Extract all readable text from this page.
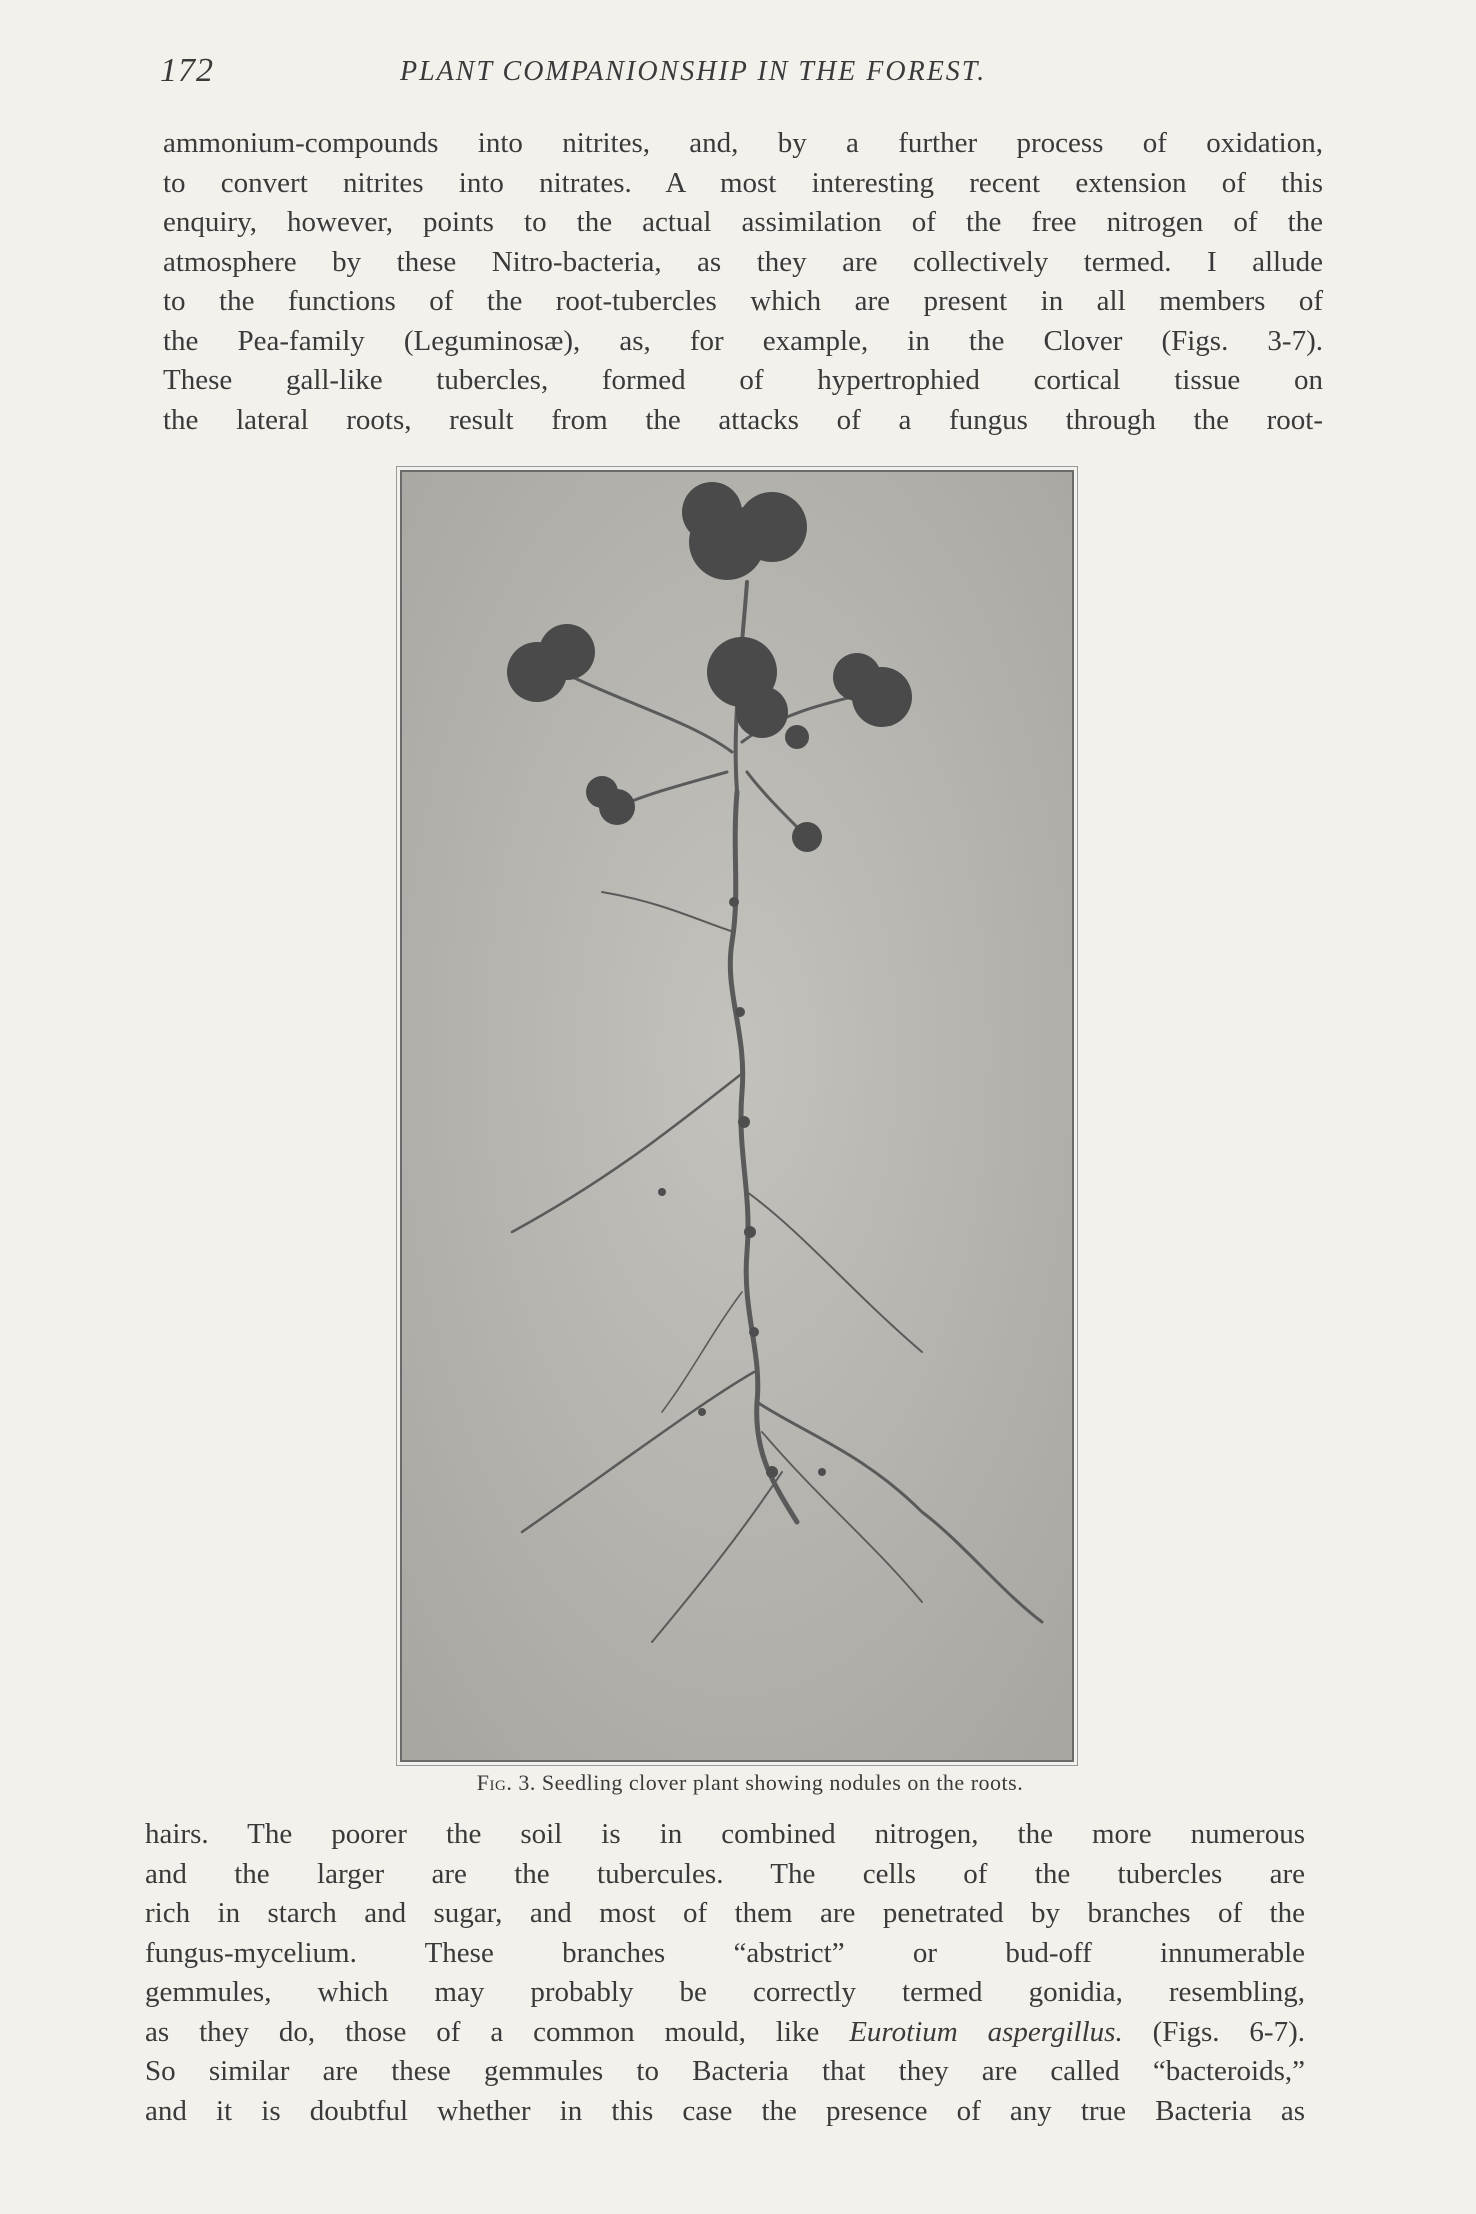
172	PLANT COMPANIONSHIP IN THE FOREST.
ammonium-compounds into nitrites, and, by a further process of oxidation,
to convert nitrites into nitrates. A most interesting recent extension of this
enquiry, however, points to the actual assimilation of the free nitrogen of the
atmosphere by these Nitro-bacteria, as they are collectively termed. I allude
to the functions of the root-tubercles which are present in all members of
the Pea-family (Leguminosæ), as, for example, in the Clover (Figs. 3-7).
These gall-like tubercles, formed of hypertrophied cortical tissue on
the lateral roots, result from the attacks of a fungus through the root-
Fig. 3. Seedling clover plant showing nodules on the roots.
hairs. The poorer the soil is in combined nitrogen, the more numerous
and the larger are the tubercules. The cells of the tubercles are
rich in starch and sugar, and most of them are penetrated by branches of the
fungus-mycelium. These branches “abstrict” or bud-off innumerable
gemmules, which may probably be correctly termed gonidia, resembling,
as they do, those of a common mould, like Eurotium aspergillus. (Figs. 6-7).
So similar are these gemmules to Bacteria that they are called “bacteroids,”
and it is doubtful whether in this case the presence of any true Bacteria as
